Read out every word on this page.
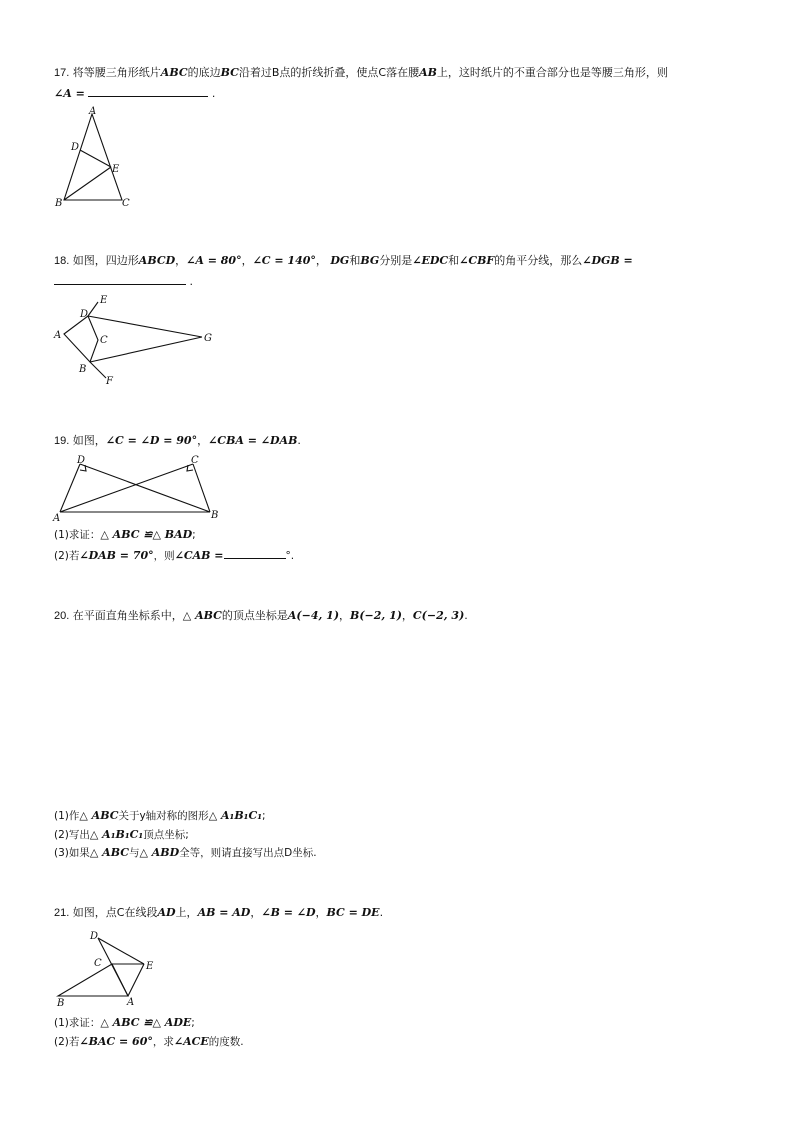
17. 将等腰三角形纸片ABC的底边BC沿着过B点的折线折叠，使点C落在腰AB上，这时纸片的不重合部分也是等腰三角形，则
∠A =	.
A
B	C
D
E
18. 如图，四边形ABCD，∠A = 80°，∠C = 140°， DG和BG分别是∠EDC和∠CBF的角平分线，那么∠DGB =
.
A
B
C
D
E
F
G
19. 如图，∠C = ∠D = 90°，∠CBA = ∠DAB.
D	C
A	B
(1)求证：△ ABC ≌△ BAD;
(2)若∠DAB = 70°，则∠CAB =	°.
20. 在平面直角坐标系中，△ ABC的顶点坐标是A(−4, 1)，B(−2, 1)，C(−2, 3).
(1)作△ ABC关于y轴对称的图形△ A₁B₁C₁;
(2)写出△ A₁B₁C₁顶点坐标;
(3)如果△ ABC与△ ABD全等，则请直接写出点D坐标.
21. 如图，点C在线段AD上，AB = AD，∠B = ∠D，BC = DE.
D
C	E
B	A
(1)求证：△ ABC ≌△ ADE;
(2)若∠BAC = 60°，求∠ACE的度数.
